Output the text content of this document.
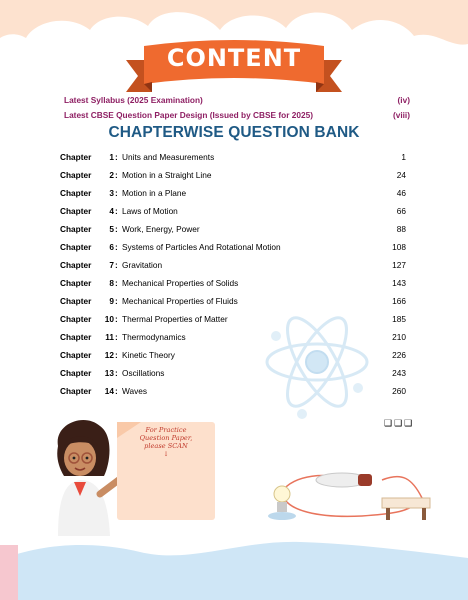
CONTENT
Latest Syllabus (2025 Examination)	(iv)
Latest CBSE Question Paper Design (Issued by CBSE for 2025)	(viii)
CHAPTERWISE QUESTION BANK
Chapter	1 : Units and Measurements	1
Chapter	2 : Motion in a Straight Line	24
Chapter	3 : Motion in a Plane	46
Chapter	4 : Laws of Motion	66
Chapter	5 : Work, Energy, Power	88
Chapter	6 : Systems of Particles And Rotational Motion	108
Chapter	7 : Gravitation	127
Chapter	8 : Mechanical Properties of Solids	143
Chapter	9 : Mechanical Properties of Fluids	166
Chapter	10 : Thermal Properties of Matter	185
Chapter	11 : Thermodynamics	210
Chapter	12 : Kinetic Theory	226
Chapter	13 : Oscillations	243
Chapter	14 : Waves	260
❑❑❑
For Practice
Question Paper,
please SCAN
↓
